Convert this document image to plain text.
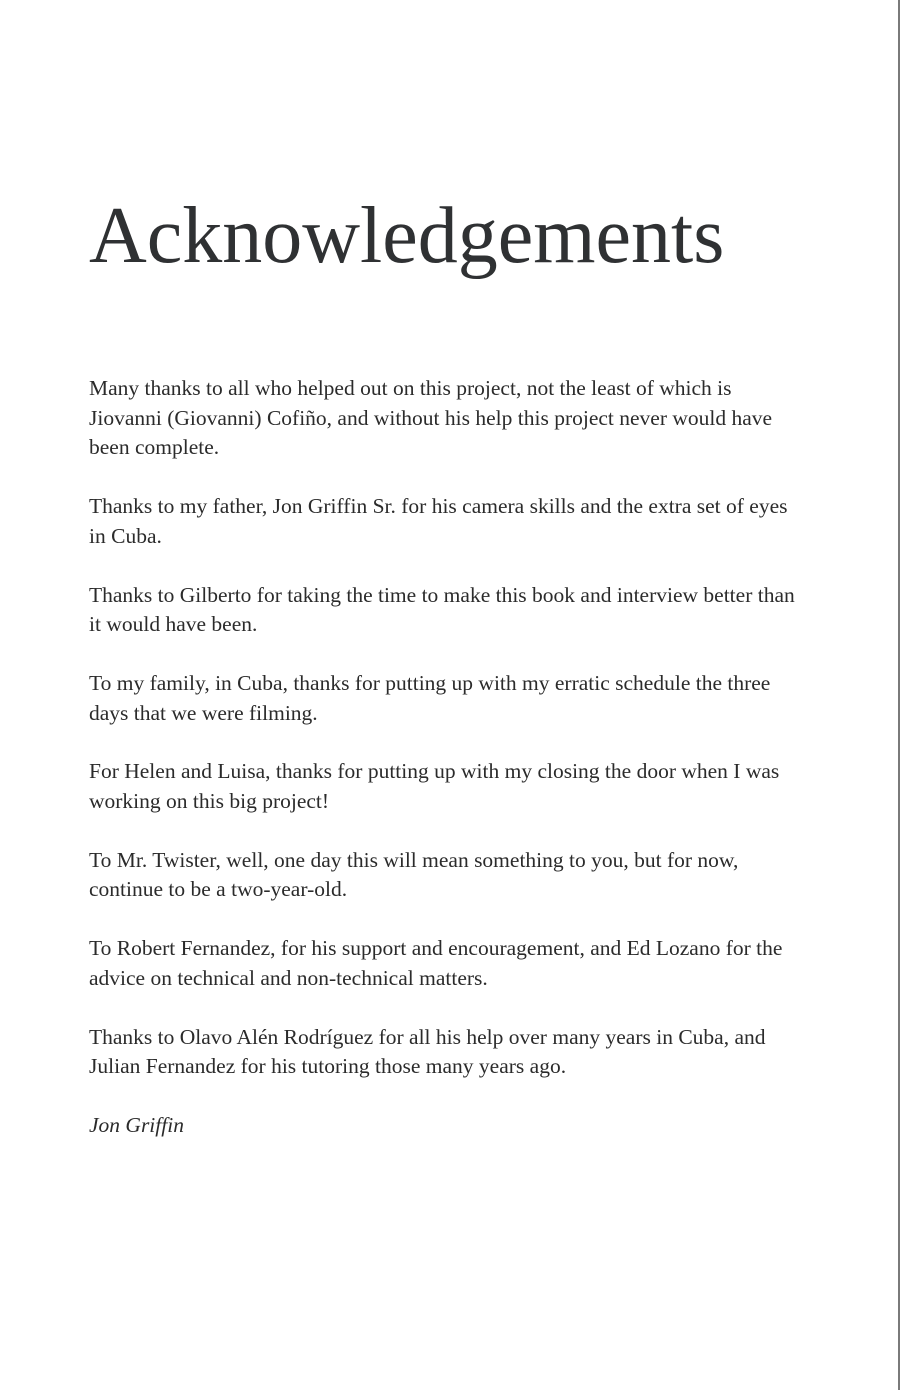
Acknowledgements

Many thanks to all who helped out on this project, not the least of which is Jiovanni (Giovanni) Cofiño, and without his help this project never would have been complete.

Thanks to my father, Jon Griffin Sr. for his camera skills and the extra set of eyes in Cuba.

Thanks to Gilberto for taking the time to make this book and interview better than it would have been.

To my family, in Cuba, thanks for putting up with my erratic schedule the three days that we were filming.

For Helen and Luisa, thanks for putting up with my closing the door when I was working on this big project!

To Mr. Twister, well, one day this will mean something to you, but for now, continue to be a two-year-old.

To Robert Fernandez, for his support and encouragement, and Ed Lozano for the advice on technical and non-technical matters.

Thanks to Olavo Alén Rodríguez for all his help over many years in Cuba, and Julian Fernandez for his tutoring those many years ago.

Jon Griffin
